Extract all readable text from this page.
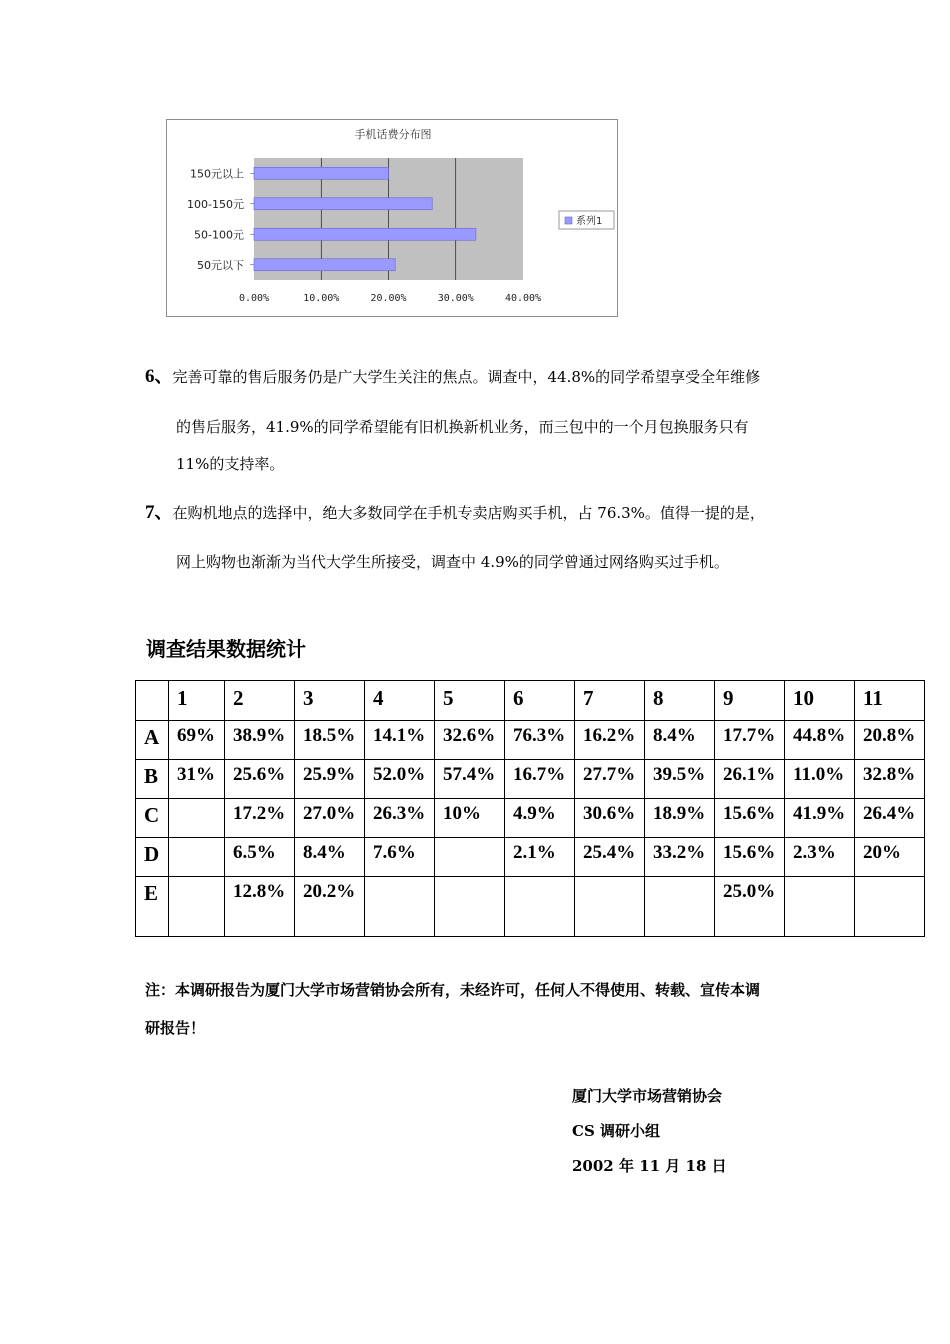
手机话费分布图
150元以上
100-150元
50-100元
50元以下
0.00%	10.00%	20.00%	30.00%	40.00%
系列1
6、完善可靠的售后服务仍是广大学生关注的焦点。调查中，44.8%的同学希望享受全年维修
的售后服务，41.9%的同学希望能有旧机换新机业务，而三包中的一个月包换服务只有
11%的支持率。
7、在购机地点的选择中，绝大多数同学在手机专卖店购买手机，占 76.3%。值得一提的是，
网上购物也渐渐为当代大学生所接受，调查中 4.9%的同学曾通过网络购买过手机。
调查结果数据统计
	1	2	3	4	5	6	7	8	9	10	11
A	69%	38.9%	18.5%	14.1%	32.6%	76.3%	16.2%	8.4%	17.7%	44.8%	20.8%
B	31%	25.6%	25.9%	52.0%	57.4%	16.7%	27.7%	39.5%	26.1%	11.0%	32.8%
C		17.2%	27.0%	26.3%	10%	4.9%	30.6%	18.9%	15.6%	41.9%	26.4%
D		6.5%	8.4%	7.6%		2.1%	25.4%	33.2%	15.6%	2.3%	20%
E		12.8%	20.2%						25.0%		
注：本调研报告为厦门大学市场营销协会所有，未经许可，任何人不得使用、转载、宣传本调
研报告！
厦门大学市场营销协会
CS 调研小组
2002 年 11 月 18 日
